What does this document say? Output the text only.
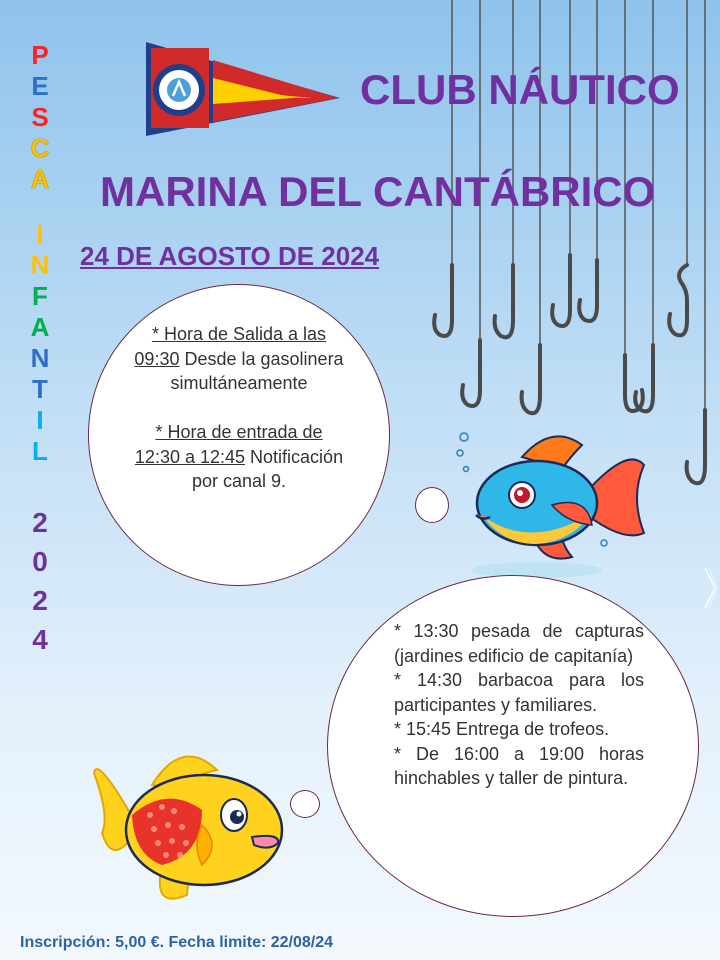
P
E
S
C
A
I
N
F
A
N
T
I
L
2
0
2
4
CLUB NÁUTICO
MARINA DEL CANTÁBRICO
24 DE AGOSTO DE 2024
* Hora de Salida a las 09:30 Desde la gasolinera simultáneamente

* Hora de entrada de 12:30 a 12:45 Notificación por canal 9.

* 13:30 pesada de capturas (jardines edificio de capitanía)

* 14:30 barbacoa para los participantes y familiares.

* 15:45 Entrega de trofeos.

* De 16:00 a 19:00 horas hinchables y taller de pintura.

Inscripción: 5,00 €. Fecha limite: 22/08/24
